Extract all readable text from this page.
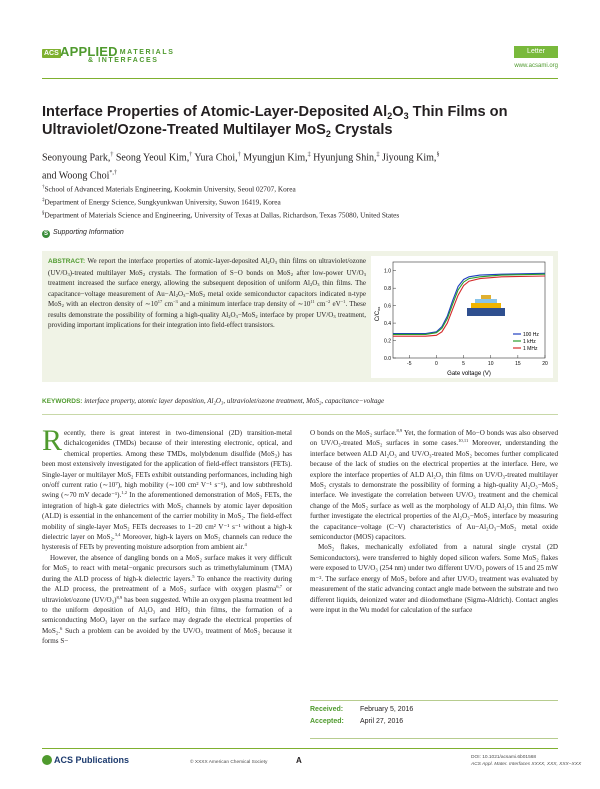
ACS APPLIED MATERIALS
& INTERFACES
Letter
www.acsami.org
Interface Properties of Atomic-Layer-Deposited $Al_2O_3$ Thin Films on
Ultraviolet/Ozone-Treated Multilayer MoS$_2$ Crystals
Seonyoung Park,† Seong Yeoul Kim,† Yura Choi,† Myungjun Kim,‡ Hyunjung Shin,‡ Jiyoung Kim,§
and Woong Choi*,†
†School of Advanced Materials Engineering, Kookmin University, Seoul 02707, Korea
‡Department of Energy Science, Sungkyunkwan University, Suwon 16419, Korea
§Department of Materials Science and Engineering, University of Texas at Dallas, Richardson, Texas 75080, United States
S Supporting Information
ABSTRACT: We report the interface properties of atomic-layer-deposited $Al_2O_3$ thin films on ultraviolet/ozone $(UV/O_3)$-treated multilayer MoS$_2$ crystals. The formation of S−O bonds on MoS$_2$ after low-power $UV/O_3$ treatment increased the surface energy, allowing the subsequent deposition of uniform $Al_2O_3$ thin films. The capacitance−voltage measurement of $Au-Al_2O_3-MoS_2$ metal oxide semiconductor capacitors indicated n-type MoS$_2$ with an electron density of $\sim 10^{17}$ $cm^{-3}$ and a minimum interface trap density of $\sim 10^{11}$ $cm^{-2}$ $eV^{-1}$. These results demonstrate the possibility of forming a high-quality $Al_2O_3-MoS_2$ interface by proper $UV/O_3$ treatment, providing important implications for their integration into field-effect transistors.
0.0
0.2
0.4
0.6
0.8
1.0
-5	0	5	10	15	20
100 Hz
1 kHz
1 MHz
C/Cox
Gate voltage (V)
KEYWORDS: interface property, atomic layer deposition, Al₂O₃, ultraviolet/ozone treatment, MoS₂, capacitance−voltage

Recently, there is great interest in two-dimensional (2D) transition-metal dichalcogenides (TMDs) because of their interesting electronic, optical, and chemical properties. Among these TMDs, molybdenum disulfide (MoS₂) has been most extensively investigated for the application of field-effect transistors (FETs). Single-layer or multilayer MoS₂ FETs exhibit outstanding performances, including high on/off current ratio (∼10⁷), high mobility (∼100 cm² V⁻¹ s⁻¹), and low subthreshold swing (∼70 mV decade⁻¹).$^{1,2}$ In the aforementioned demonstration of MoS₂ FETs, the integration of high-k gate dielectrics with MoS₂ channels by atomic layer deposition (ALD) is essential in the enhancement of the carrier mobility in MoS₂. The field-effect mobility of single-layer MoS₂ FETs decreases to 1−20 cm² V⁻¹ s⁻¹ without a high-k dielectric layer on MoS₂.$^{3,4}$ Moreover, high-k layers on MoS₂ channels can reduce the hysteresis of FETs by preventing moisture adsorption from ambient air.$^4$

However, the absence of dangling bonds on a MoS₂ surface makes it very difficult for MoS₂ to react with metal−organic precursors such as trimethylaluminum (TMA) during the ALD process of high-k dielectric layers.$^5$ To enhance the reactivity during the ALD process, the pretreatment of a MoS₂ surface with oxygen plasma$^{6,7}$ or ultraviolet/ozone $(UV/O_3)^{8,9}$ has been suggested. While an oxygen plasma treatment led to the uniform deposition of Al₂O₃ and HfO₂ thin films, the formation of a semiconducting MoO₃ layer on the surface may degrade the electrical properties of MoS₂.$^6$ Such a problem can be avoided by the UV/O₃ treatment of MoS₂ because it forms S−

O bonds on the MoS₂ surface.$^{8,9}$ Yet, the formation of Mo−O bonds was also observed on UV/O₃-treated MoS₂ surfaces in some cases.$^{10,11}$ Moreover, understanding the interface between ALD Al₂O₃ and UV/O₃-treated MoS₂ becomes further complicated because of the lack of studies on the electrical properties at the interface. Here, we explore the interface properties of ALD Al₂O₃ thin films on UV/O₃-treated multilayer MoS₂ crystals to demonstrate the possibility of forming a high-quality Al₂O₃−MoS₂ interface. We investigate the correlation between UV/O₃ treatment and the chemical change of the MoS₂ surface as well as the morphology of ALD Al₂O₃ thin films. We further investigate the electrical properties of the Al₂O₃−MoS₂ interface by measuring the capacitance−voltage (C−V) characteristics of Au−Al₂O₃−MoS₂ metal oxide semiconductor (MOS) capacitors.

MoS₂ flakes, mechanically exfoliated from a natural single crystal (2D Semiconductors), were transferred to highly doped silicon wafers. Some MoS₂ flakes were exposed to UV/O₃ (254 nm) under two different UV/O₃ powers of 15 and 25 mW m⁻². The surface energy of MoS₂ before and after UV/O₃ treatment was evaluated by measurement of the static advancing contact angle made between the substrate and two different liquids, deionized water and diiodomethane (Sigma-Aldrich). Contact angles were input in the Wu model for calculation of the surface

Received: February 5, 2016
Accepted: April 27, 2016
ACS Publications	© XXXX American Chemical Society	A	DOI: 10.1021/acsami.6b01568
ACS Appl. Mater. Interfaces XXXX, XXX, XXX−XXX
